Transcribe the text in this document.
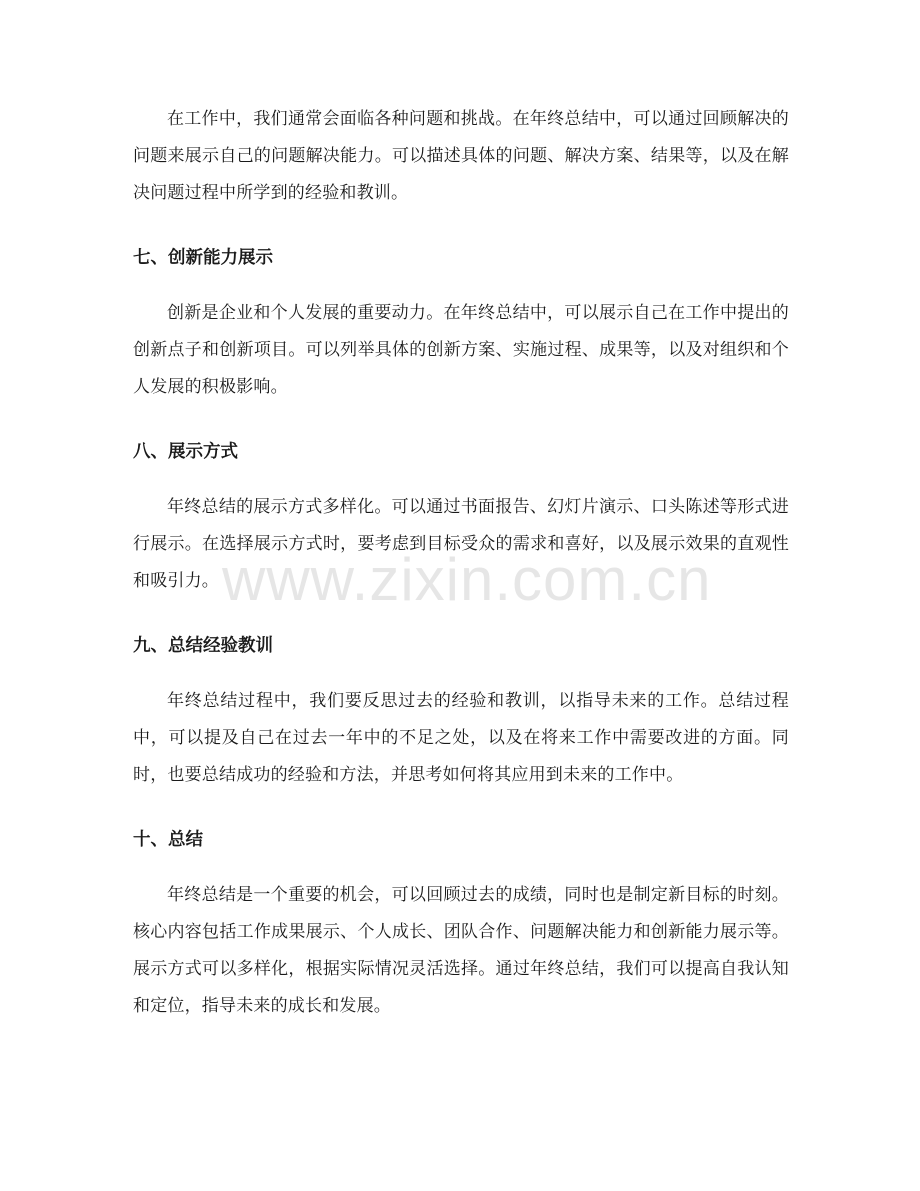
在工作中，我们通常会面临各种问题和挑战。在年终总结中，可以通过回顾解决的问题来展示自己的问题解决能力。可以描述具体的问题、解决方案、结果等，以及在解决问题过程中所学到的经验和教训。

七、创新能力展示

创新是企业和个人发展的重要动力。在年终总结中，可以展示自己在工作中提出的创新点子和创新项目。可以列举具体的创新方案、实施过程、成果等，以及对组织和个人发展的积极影响。

八、展示方式

年终总结的展示方式多样化。可以通过书面报告、幻灯片演示、口头陈述等形式进行展示。在选择展示方式时，要考虑到目标受众的需求和喜好，以及展示效果的直观性和吸引力。

九、总结经验教训

年终总结过程中，我们要反思过去的经验和教训，以指导未来的工作。总结过程中，可以提及自己在过去一年中的不足之处，以及在将来工作中需要改进的方面。同时，也要总结成功的经验和方法，并思考如何将其应用到未来的工作中。

十、总结

年终总结是一个重要的机会，可以回顾过去的成绩，同时也是制定新目标的时刻。核心内容包括工作成果展示、个人成长、团队合作、问题解决能力和创新能力展示等。展示方式可以多样化，根据实际情况灵活选择。通过年终总结，我们可以提高自我认知和定位，指导未来的成长和发展。

www.zixin.com.cn
